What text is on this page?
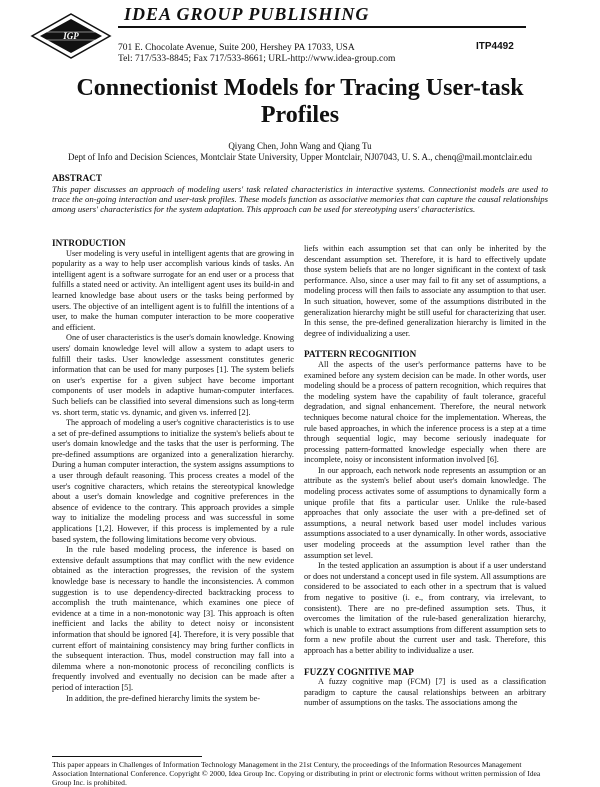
IGP
IDEA GROUP PUBLISHING
701 E. Chocolate Avenue, Suite 200, Hershey PA 17033, USA
Tel: 717/533-8845; Fax 717/533-8661; URL-http://www.idea-group.com
ITP4492
Connectionist Models for Tracing User-task Profiles
Qiyang Chen, John Wang and Qiang Tu
Dept of Info and Decision Sciences, Montclair State University, Upper Montclair, NJ07043, U. S. A., chenq@mail.montclair.edu
ABSTRACT
This paper discusses an approach of modeling users' task related characteristics in interactive systems. Connectionist models are used to trace the on-going interaction and user-task profiles. These models function as associative memories that can capture the causal relationships among users' characteristics for the system adaptation. This approach can be used for stereotyping users' characteristics.
INTRODUCTION

User modeling is very useful in intelligent agents that are growing in popularity as a way to help user accomplish various kinds of tasks. An intelligent agent is a software surrogate for an end user or a process that fulfills a stated need or activity. An intelligent agent uses its build-in and learned knowledge base about users or the tasks being performed by users. The objective of an intelligent agent is to fulfill the intentions of a user, to make the human computer interaction to be more cooperative and efficient.

One of user characteristics is the user's domain knowledge. Knowing users' domain knowledge level will allow a system to adapt users to fulfill their tasks. User knowledge assessment constitutes generic information that can be used for many purposes [1]. The system beliefs on user's expertise for a given subject have become important components of user models in adaptive human-computer interfaces. Such beliefs can be classified into several dimensions such as long-term vs. short term, static vs. dynamic, and given vs. inferred [2].

The approach of modeling a user's cognitive characteristics is to use a set of pre-defined assumptions to initialize the system's beliefs about te user's domain knowledge and the tasks that the user is performing. The pre-defined assumptions are organized into a generalization hierarchy. During a human computer interaction, the system assigns assumptions to a user through default reasoning. This process creates a model of the user's cognitive characters, which retains the stereotypical knowledge about a user's domain knowledge and cognitive preferences in the absence of evidence to the contrary. This approach provides a simple way to initialize the modeling process and was successful in some applications [1,2]. However, if this process is implemented by a rule based system, the following limitations become very obvious.

In the rule based modeling process, the inference is based on extensive default assumptions that may conflict with the new evidence obtained as the interaction progresses, the revision of the system knowledge base is necessary to handle the inconsistencies. A common suggestion is to use dependency-directed backtracking process to accomplish the truth maintenance, which examines one piece of evidence at a time in a non-monotonic way [3]. This approach is often inefficient and lacks the ability to detect noisy or inconsistent information that should be ignored [4]. Therefore, it is very possible that current effort of maintaining consistency may bring further conflicts in the subsequent interaction. Thus, model construction may fall into a dilemma where a non-monotonic process of reconciling conflicts is frequently involved and eventually no decision can be made after a period of interaction [5].

In addition, the pre-defined hierarchy limits the system be-

liefs within each assumption set that can only be inherited by the descendant assumption set. Therefore, it is hard to effectively update those system beliefs that are no longer significant in the context of task performance. Also, since a user may fail to fit any set of assumptions, a modeling process will then fails to associate any assumption to that user. In such situation, however, some of the assumptions distributed in the generalization hierarchy might be still useful for characterizing that user. In this sense, the pre-defined generalization hierarchy is limited in the degree of individualizing a user.

PATTERN RECOGNITION

All the aspects of the user's performance patterns have to be examined before any system decision can be made. In other words, user modeling should be a process of pattern recognition, which requires that the modeling system have the capability of fault tolerance, graceful degradation, and signal enhancement. Therefore, the neural network techniques become natural choice for the implementation. Whereas, the rule based approaches, in which the inference process is a step at a time through sequential logic, may become seriously inadequate for processing pattern-formatted knowledge especially when there are incomplete, noisy or inconsistent information involved [6].

In our approach, each network node represents an assumption or an attribute as the system's belief about user's domain knowledge. The modeling process activates some of assumptions to dynamically form a unique profile that fits a particular user. Unlike the rule-based approaches that only associate the user with a pre-defined set of assumptions, a neural network based user model includes various assumptions associated to a user dynamically. In other words, associative user modeling proceeds at the assumption level rather than the assumption set level.

In the tested application an assumption is about if a user understand or does not understand a concept used in file system. All assumptions are considered to be associated to each other in a spectrum that is valued from negative to positive (i. e., from contrary, via irrelevant, to consistent). There are no pre-defined assumption sets. Thus, it overcomes the limitation of the rule-based generalization hierarchy, which is unable to extract assumptions from different assumption sets to form a new profile about the current user and task. Therefore, this approach has a better ability to individualize a user.

FUZZY COGNITIVE MAP

A fuzzy cognitive map (FCM) [7] is used as a classification paradigm to capture the causal relationships between an arbitrary number of assumptions on the tasks. The associations among the

This paper appears in Challenges of Information Technology Management in the 21st Century, the proceedings of the Information Resources Management Association International Conference. Copyright © 2000, Idea Group Inc. Copying or distributing in print or electronic forms without written permission of Idea Group Inc. is prohibited.
